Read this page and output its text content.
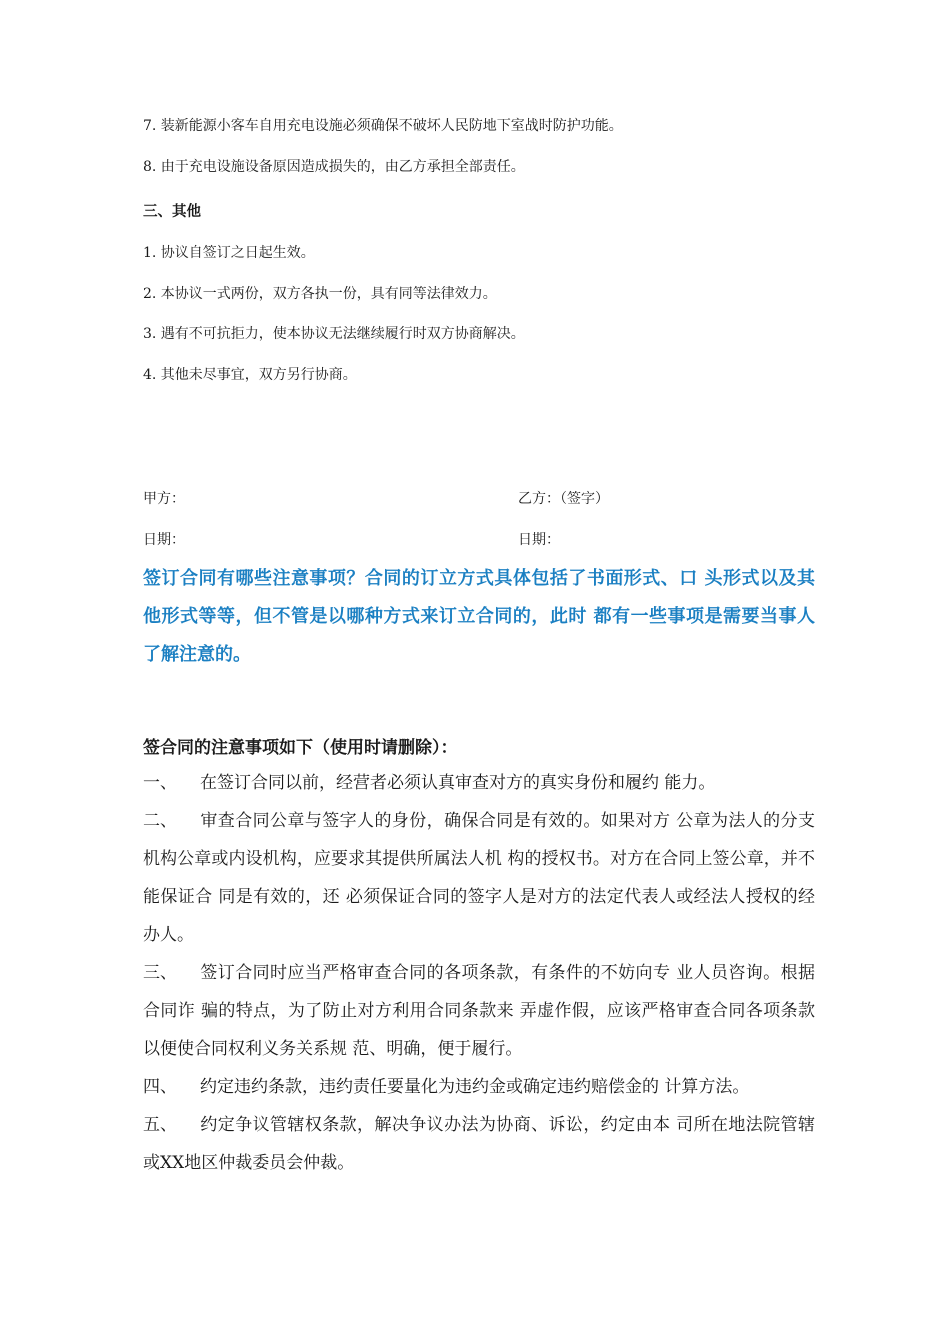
7. 装新能源小客车自用充电设施必须确保不破坏人民防地下室战时防护功能。
8. 由于充电设施设备原因造成损失的，由乙方承担全部责任。
三、其他
1. 协议自签订之日起生效。
2. 本协议一式两份，双方各执一份，具有同等法律效力。
3. 遇有不可抗拒力，使本协议无法继续履行时双方协商解决。
4. 其他未尽事宜，双方另行协商。
甲方：	乙方：（签字）
日期：	日期：
签订合同有哪些注意事项？合同的订立方式具体包括了书面形式、口 头形式以及其他形式等等，但不管是以哪种方式来订立合同的，此时 都有一些事项是需要当事人了解注意的。
签合同的注意事项如下（使用时请删除）：
一、 在签订合同以前，经营者必须认真审查对方的真实身份和履约 能力。
二、 审查合同公章与签字人的身份，确保合同是有效的。如果对方 公章为法人的分支机构公章或内设机构，应要求其提供所属法人机 构的授权书。对方在合同上签公章，并不能保证合 同是有效的，还 必须保证合同的签字人是对方的法定代表人或经法人授权的经办人。
三、 签订合同时应当严格审查合同的各项条款，有条件的不妨向专 业人员咨询。根据合同诈 骗的特点，为了防止对方利用合同条款来 弄虚作假，应该严格审查合同各项条款以便使合同权利义务关系规 范、明确，便于履行。
四、 约定违约条款，违约责任要量化为违约金或确定违约赔偿金的 计算方法。
五、 约定争议管辖权条款，解决争议办法为协商、诉讼，约定由本 司所在地法院管辖或XX地区仲裁委员会仲裁。
